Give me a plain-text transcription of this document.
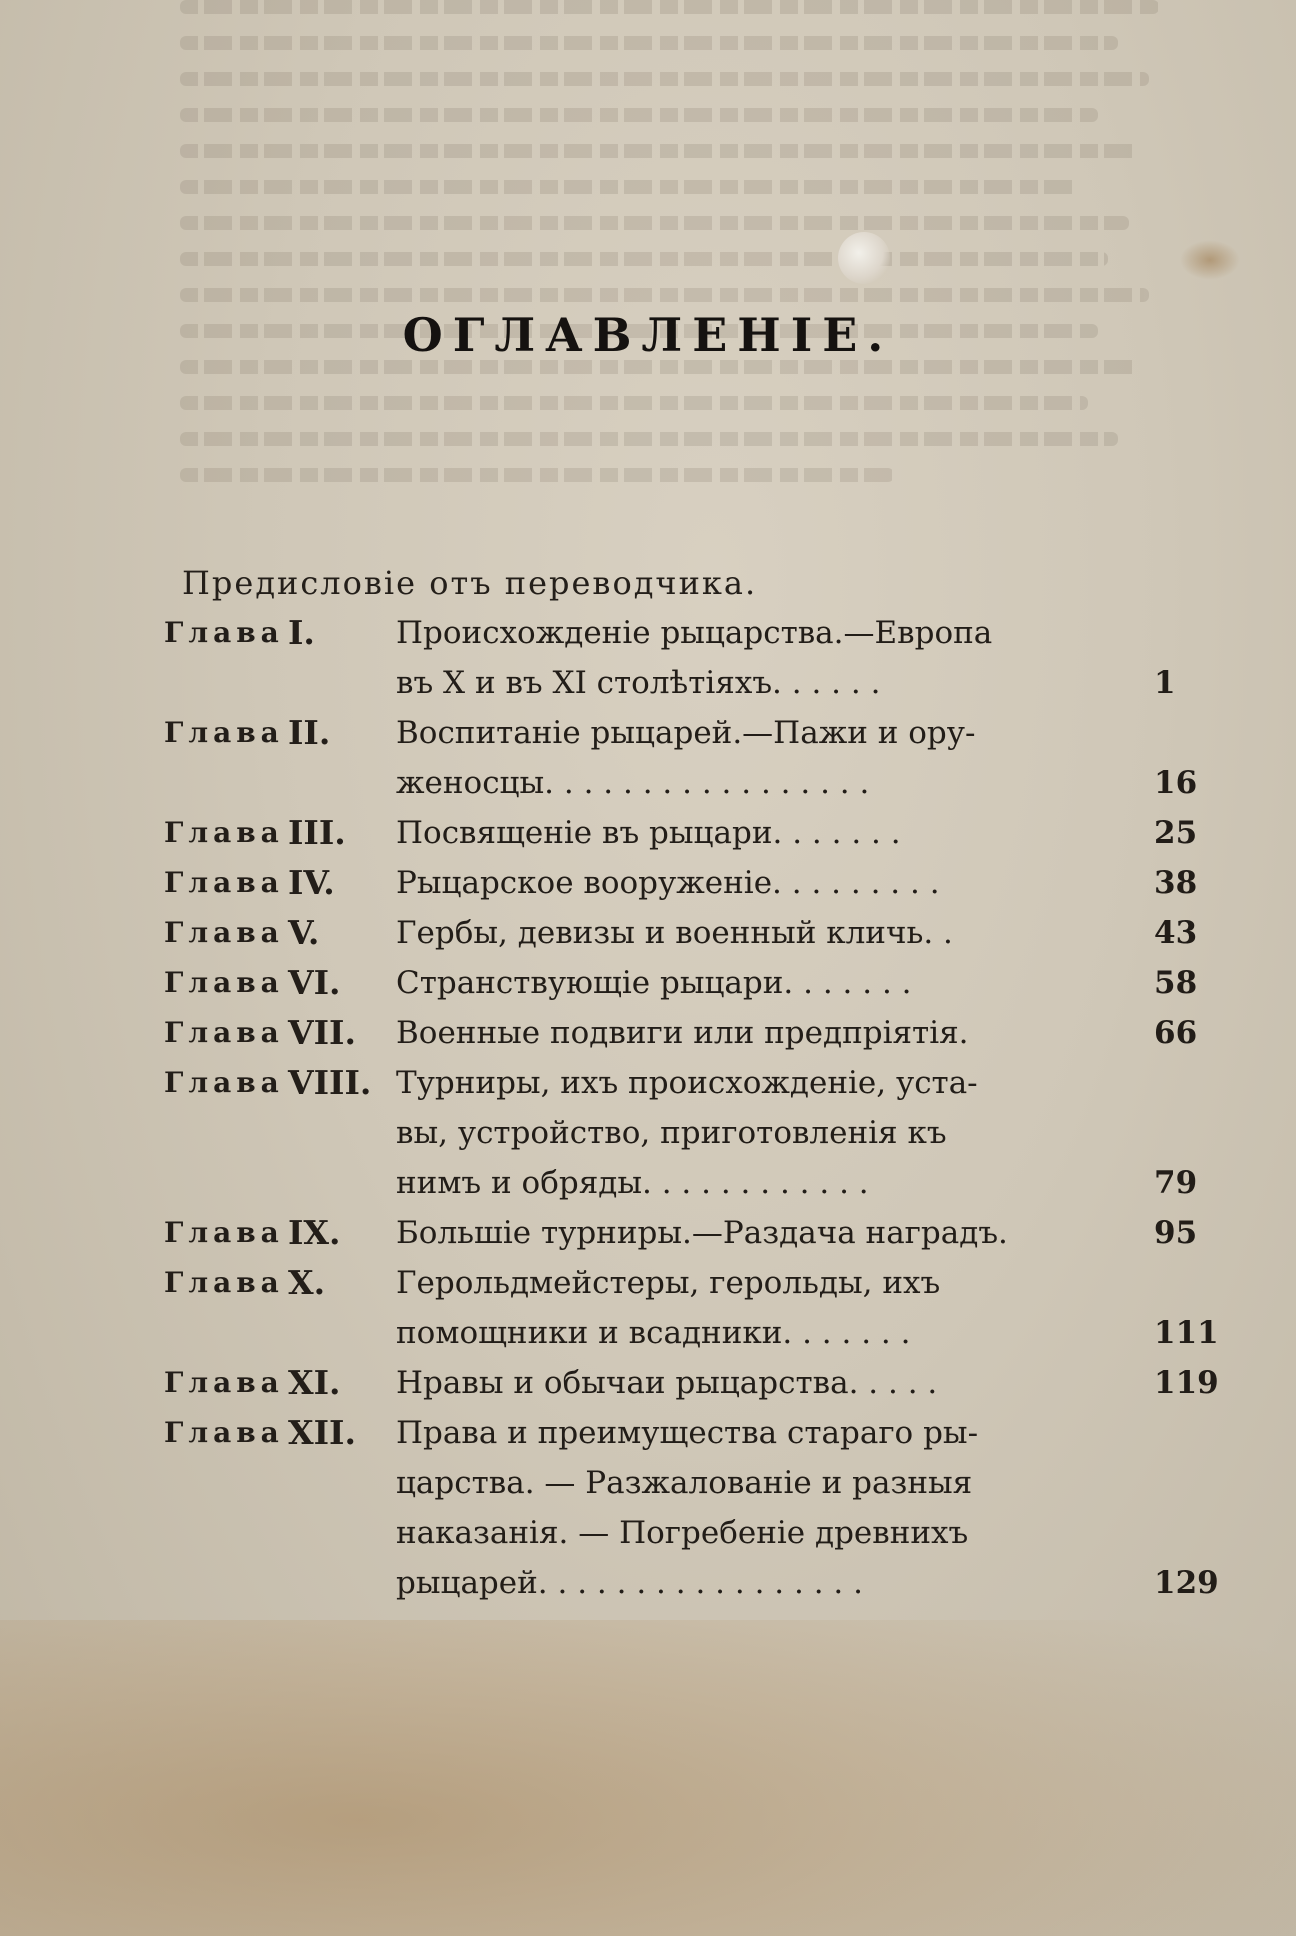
ОГЛАВЛЕНІЕ.
Предисловіе отъ переводчика.
Глава I.	Происхожденіе рыцарства.—Европа
въ X и въ XI столѣтіяхъ. . . . . .	1
Глава II.	Воспитаніе рыцарей.—Пажи и ору-
женосцы. . . . . . . . . . . . . . . . .	16
Глава III.	Посвященіе въ рыцари. . . . . . .	25
Глава IV.	Рыцарское вооруженіе. . . . . . . . .	38
Глава V.	Гербы, девизы и военный кличь. .	43
Глава VI.	Странствующіе рыцари. . . . . . .	58
Глава VII.	Военные подвиги или предпріятія.	66
Глава VIII. Турниры, ихъ происхожденіе, уста-
вы, устройство, приготовленія къ
нимъ и обряды. . . . . . . . . . . .	79
Глава IX.	Большіе турниры.—Раздача наградъ.	95
Глава X.	Герольдмейстеры, герольды, ихъ
помощники и всадники. . . . . . .	111
Глава XI.	Нравы и обычаи рыцарства. . . . .	119
Глава XII.	Права и преимущества стараго ры-
царства. — Разжалованіе и разныя
наказанія. — Погребеніе древнихъ
рыцарей. . . . . . . . . . . . . . . . .	129
